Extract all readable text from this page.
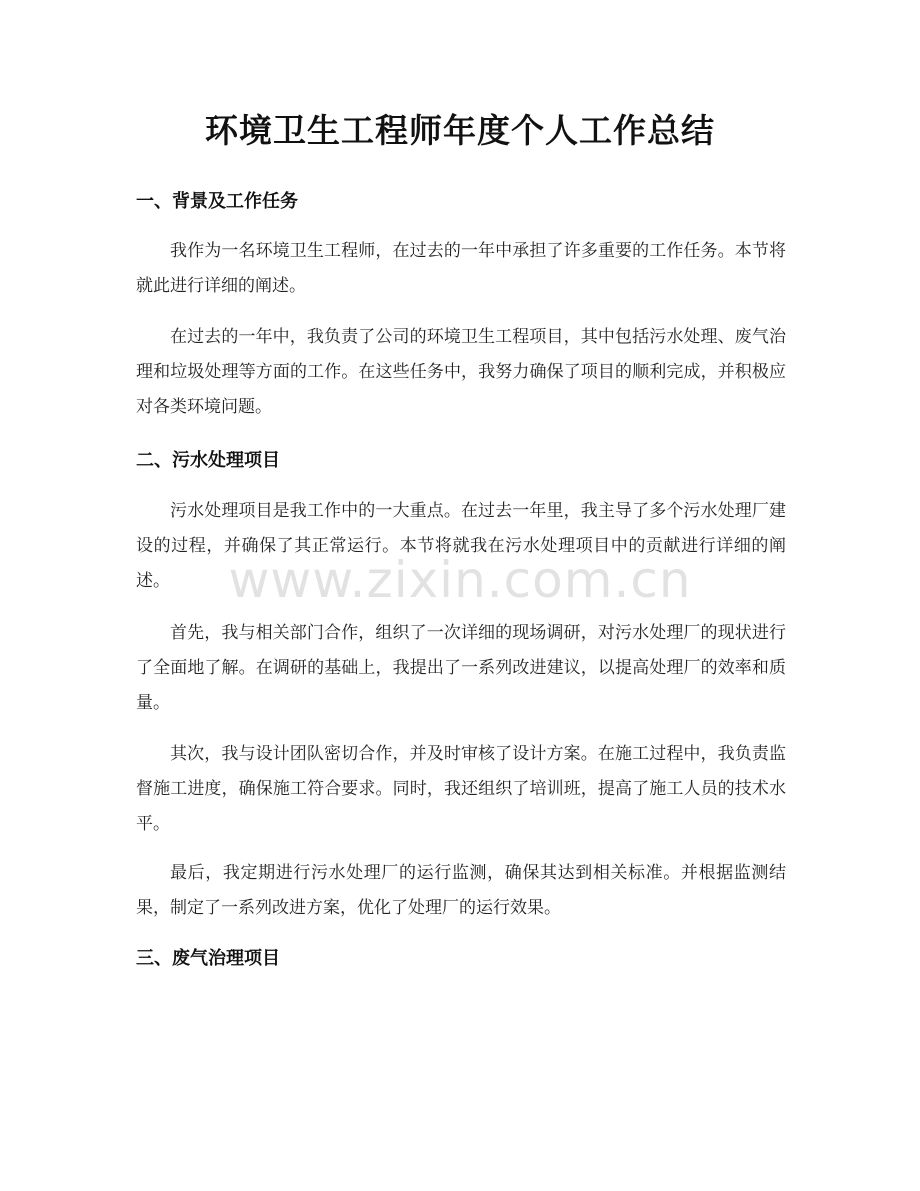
环境卫生工程师年度个人工作总结
www.zixin.com.cn
一、背景及工作任务

我作为一名环境卫生工程师，在过去的一年中承担了许多重要的工作任务。本节将就此进行详细的阐述。

在过去的一年中，我负责了公司的环境卫生工程项目，其中包括污水处理、废气治理和垃圾处理等方面的工作。在这些任务中，我努力确保了项目的顺利完成，并积极应对各类环境问题。

二、污水处理项目

污水处理项目是我工作中的一大重点。在过去一年里，我主导了多个污水处理厂建设的过程，并确保了其正常运行。本节将就我在污水处理项目中的贡献进行详细的阐述。

首先，我与相关部门合作，组织了一次详细的现场调研，对污水处理厂的现状进行了全面地了解。在调研的基础上，我提出了一系列改进建议，以提高处理厂的效率和质量。

其次，我与设计团队密切合作，并及时审核了设计方案。在施工过程中，我负责监督施工进度，确保施工符合要求。同时，我还组织了培训班，提高了施工人员的技术水平。

最后，我定期进行污水处理厂的运行监测，确保其达到相关标准。并根据监测结果，制定了一系列改进方案，优化了处理厂的运行效果。

三、废气治理项目
